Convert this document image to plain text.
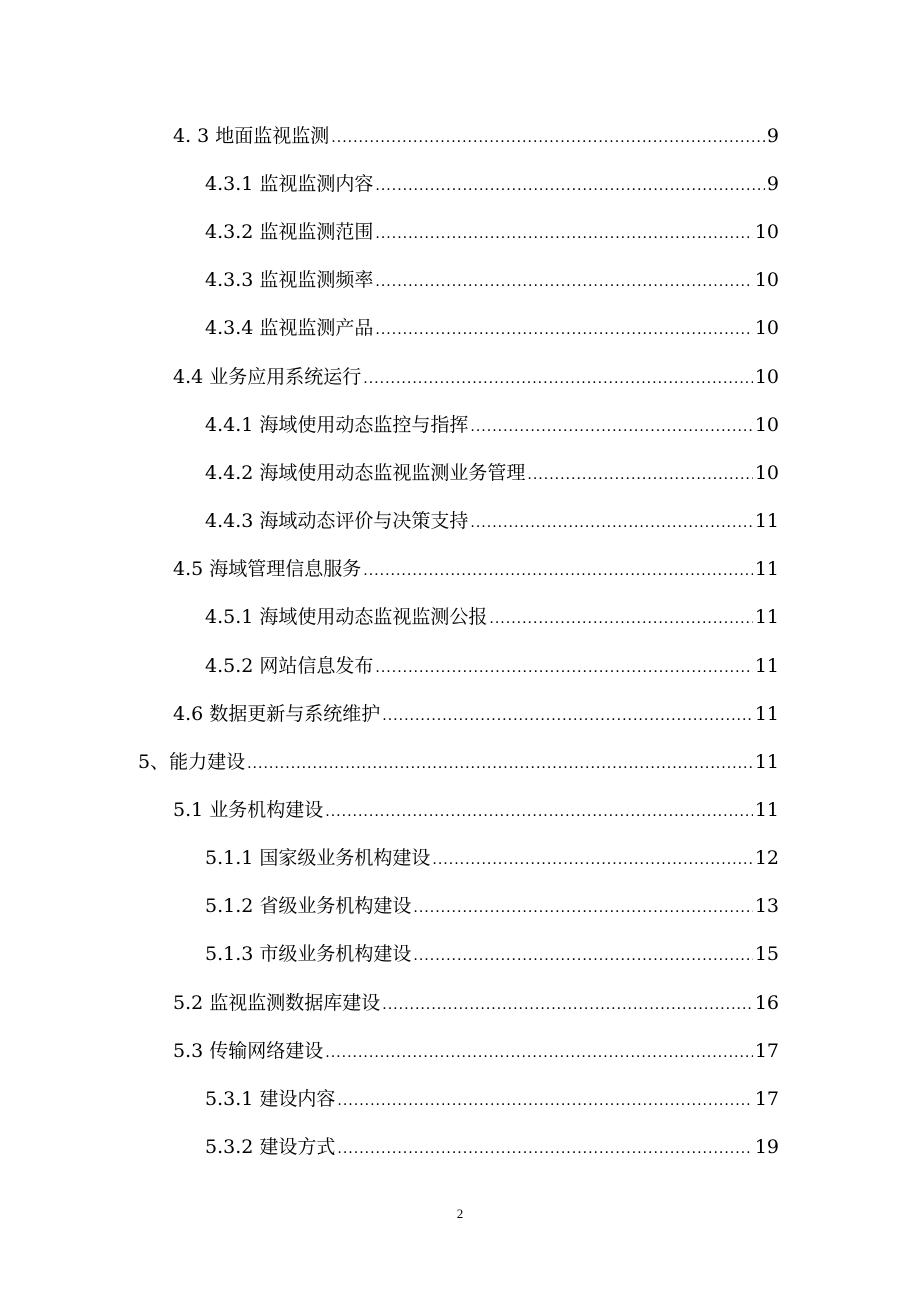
4. 3 地面监视监测 .....	9
4.3.1 监视监测内容 .....	9
4.3.2 监视监测范围 .....	10
4.3.3 监视监测频率 .....	10
4.3.4 监视监测产品 .....	10
4.4 业务应用系统运行 .....	10
4.4.1 海域使用动态监控与指挥 .....	10
4.4.2 海域使用动态监视监测业务管理 .....	10
4.4.3 海域动态评价与决策支持 .....	11
4.5 海域管理信息服务 .....	11
4.5.1 海域使用动态监视监测公报 .....	11
4.5.2 网站信息发布 .....	11
4.6 数据更新与系统维护 .....	11
5、能力建设 .....	11
5.1 业务机构建设 .....	11
5.1.1 国家级业务机构建设 .....	12
5.1.2 省级业务机构建设 .....	13
5.1.3 市级业务机构建设 .....	15
5.2 监视监测数据库建设 .....	16
5.3 传输网络建设 .....	17
5.3.1 建设内容 .....	17
5.3.2 建设方式 .....	19
2
